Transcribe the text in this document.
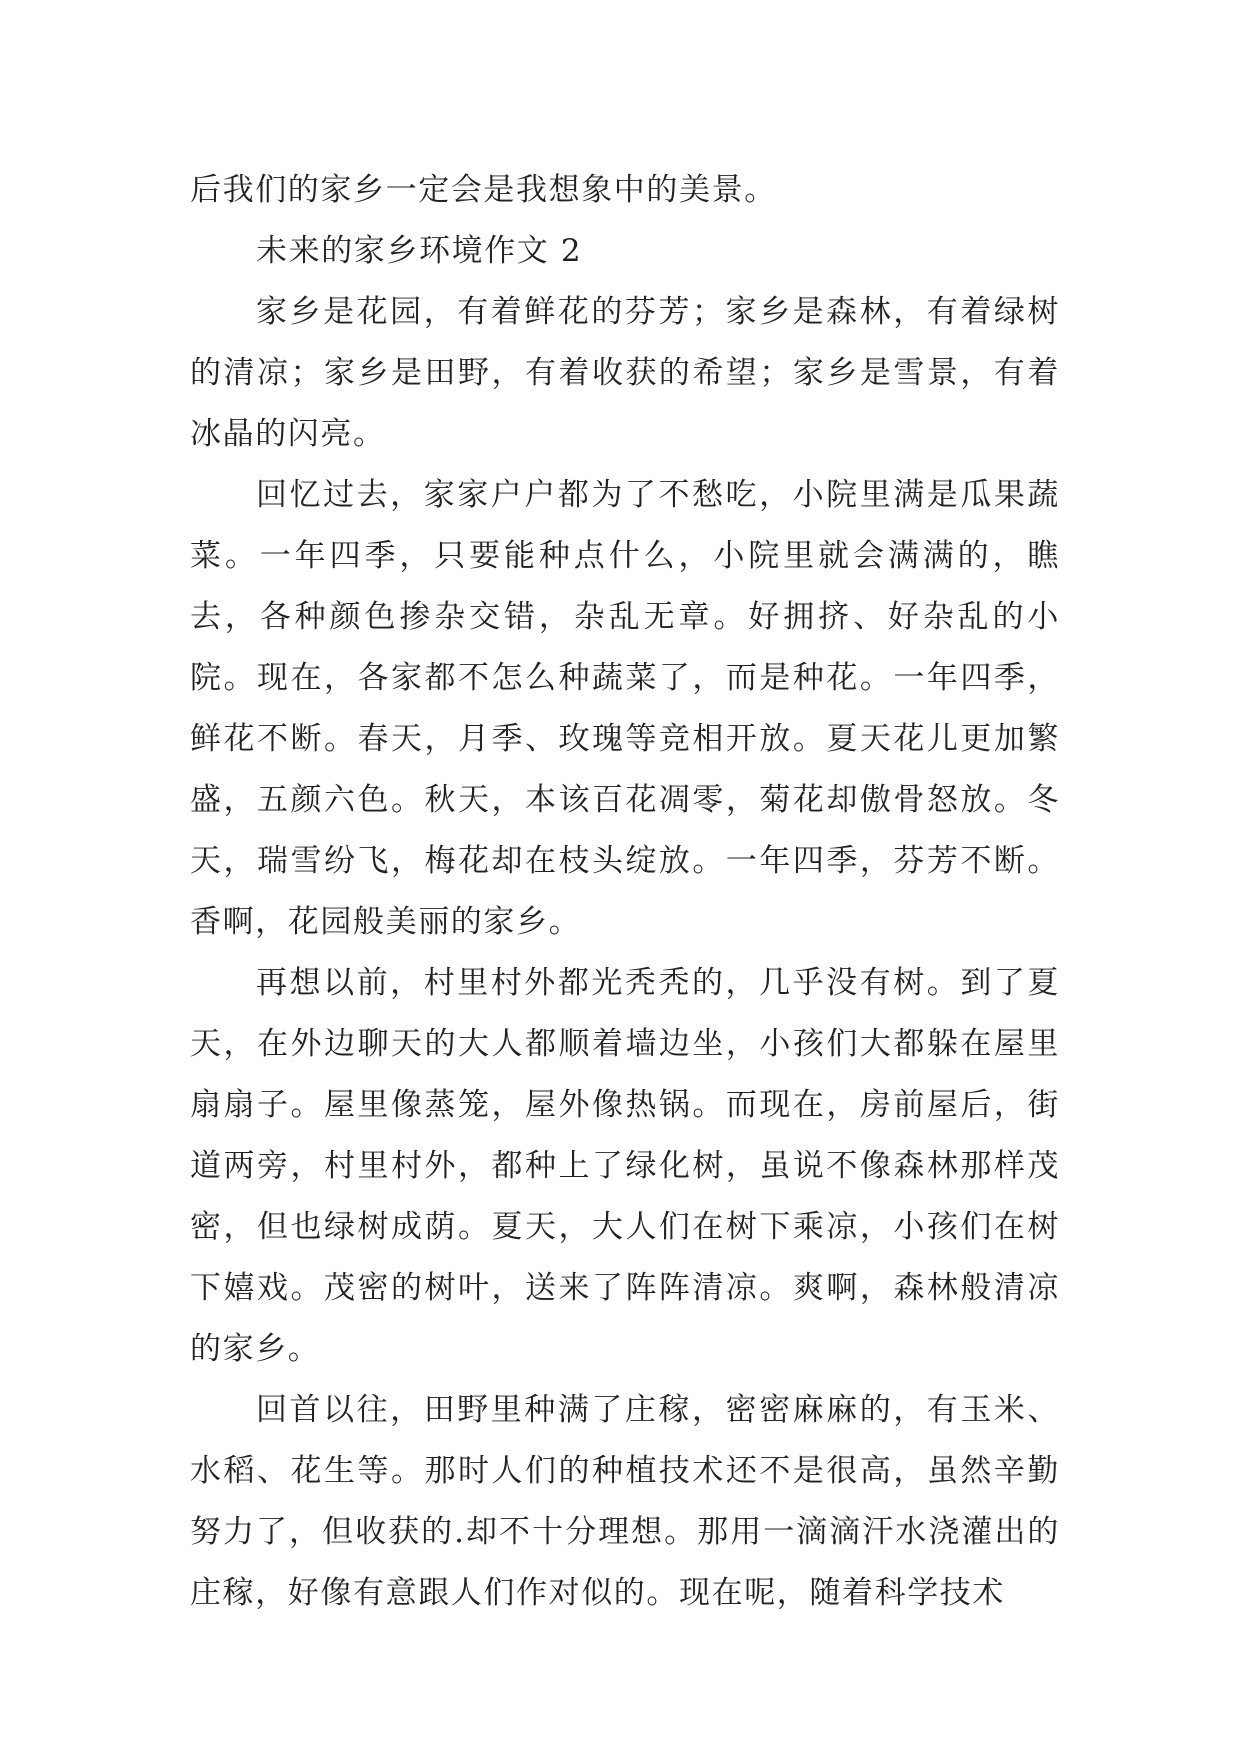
后我们的家乡一定会是我想象中的美景。

未来的家乡环境作文 2

家乡是花园，有着鲜花的芬芳；家乡是森林，有着绿树的清凉；家乡是田野，有着收获的希望；家乡是雪景，有着冰晶的闪亮。

回忆过去，家家户户都为了不愁吃，小院里满是瓜果蔬菜。一年四季，只要能种点什么，小院里就会满满的，瞧去，各种颜色掺杂交错，杂乱无章。好拥挤、好杂乱的小院。现在，各家都不怎么种蔬菜了，而是种花。一年四季，鲜花不断。春天，月季、玫瑰等竞相开放。夏天花儿更加繁盛，五颜六色。秋天，本该百花凋零，菊花却傲骨怒放。冬天，瑞雪纷飞，梅花却在枝头绽放。一年四季，芬芳不断。香啊，花园般美丽的家乡。

再想以前，村里村外都光秃秃的，几乎没有树。到了夏天，在外边聊天的大人都顺着墙边坐，小孩们大都躲在屋里扇扇子。屋里像蒸笼，屋外像热锅。而现在，房前屋后，街道两旁，村里村外，都种上了绿化树，虽说不像森林那样茂密，但也绿树成荫。夏天，大人们在树下乘凉，小孩们在树下嬉戏。茂密的树叶，送来了阵阵清凉。爽啊，森林般清凉的家乡。

回首以往，田野里种满了庄稼，密密麻麻的，有玉米、水稻、花生等。那时人们的种植技术还不是很高，虽然辛勤努力了，但收获的.却不十分理想。那用一滴滴汗水浇灌出的庄稼，好像有意跟人们作对似的。现在呢，随着科学技术
